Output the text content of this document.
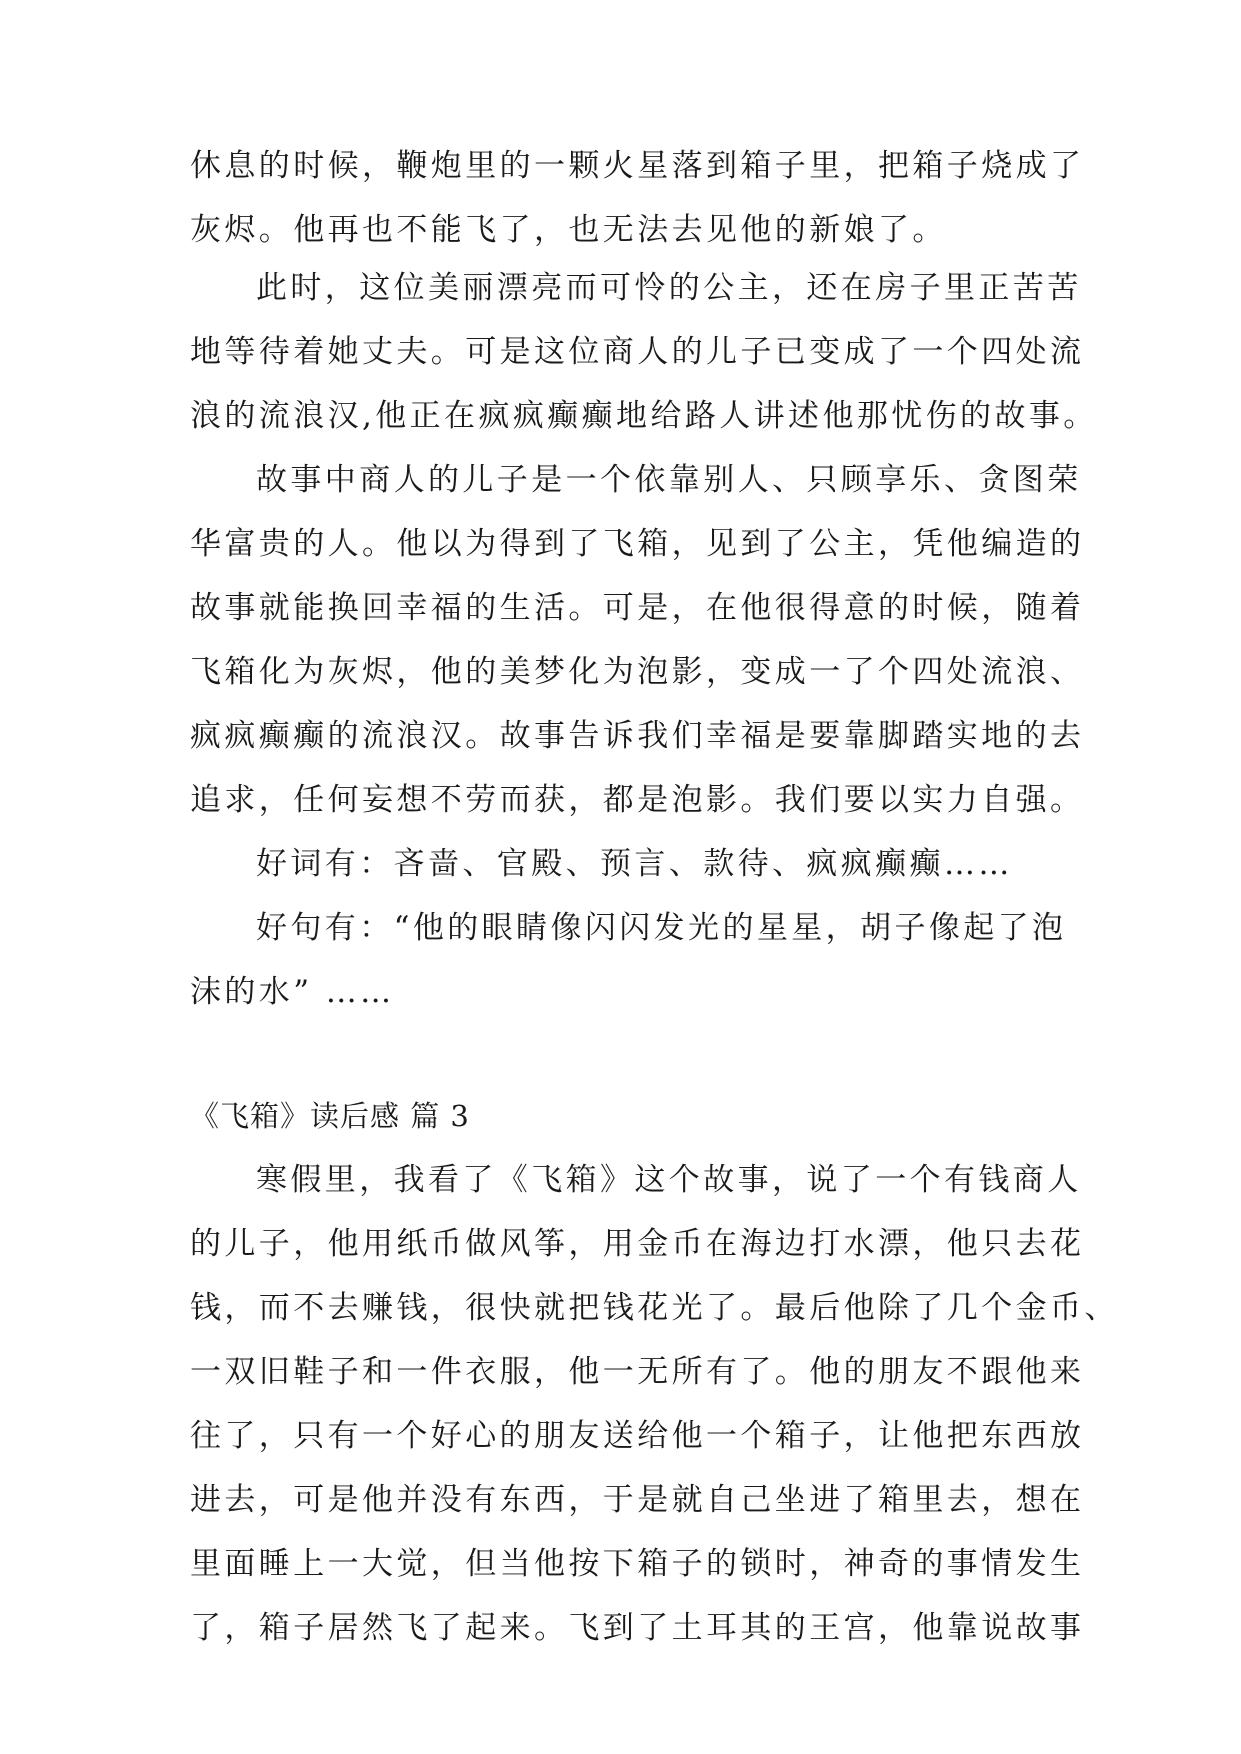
休息的时候，鞭炮里的一颗火星落到箱子里，把箱子烧成了
灰烬。他再也不能飞了，也无法去见他的新娘了。
此时，这位美丽漂亮而可怜的公主，还在房子里正苦苦
地等待着她丈夫。可是这位商人的儿子已变成了一个四处流
浪的流浪汉,他正在疯疯癫癫地给路人讲述他那忧伤的故事。
故事中商人的儿子是一个依靠别人、只顾享乐、贪图荣
华富贵的人。他以为得到了飞箱，见到了公主，凭他编造的
故事就能换回幸福的生活。可是，在他很得意的时候，随着
飞箱化为灰烬，他的美梦化为泡影，变成一了个四处流浪、
疯疯癫癫的流浪汉。故事告诉我们幸福是要靠脚踏实地的去
追求，任何妄想不劳而获，都是泡影。我们要以实力自强。
好词有：吝啬、官殿、预言、款待、疯疯癫癫……
好句有：“他的眼睛像闪闪发光的星星，胡子像起了泡
沫的水” ……
《飞箱》读后感 篇 3
寒假里，我看了《飞箱》这个故事，说了一个有钱商人
的儿子，他用纸币做风筝，用金币在海边打水漂，他只去花
钱，而不去赚钱，很快就把钱花光了。最后他除了几个金币、
一双旧鞋子和一件衣服，他一无所有了。他的朋友不跟他来
往了，只有一个好心的朋友送给他一个箱子，让他把东西放
进去，可是他并没有东西，于是就自己坐进了箱里去，想在
里面睡上一大觉，但当他按下箱子的锁时，神奇的事情发生
了，箱子居然飞了起来。飞到了土耳其的王宫，他靠说故事
